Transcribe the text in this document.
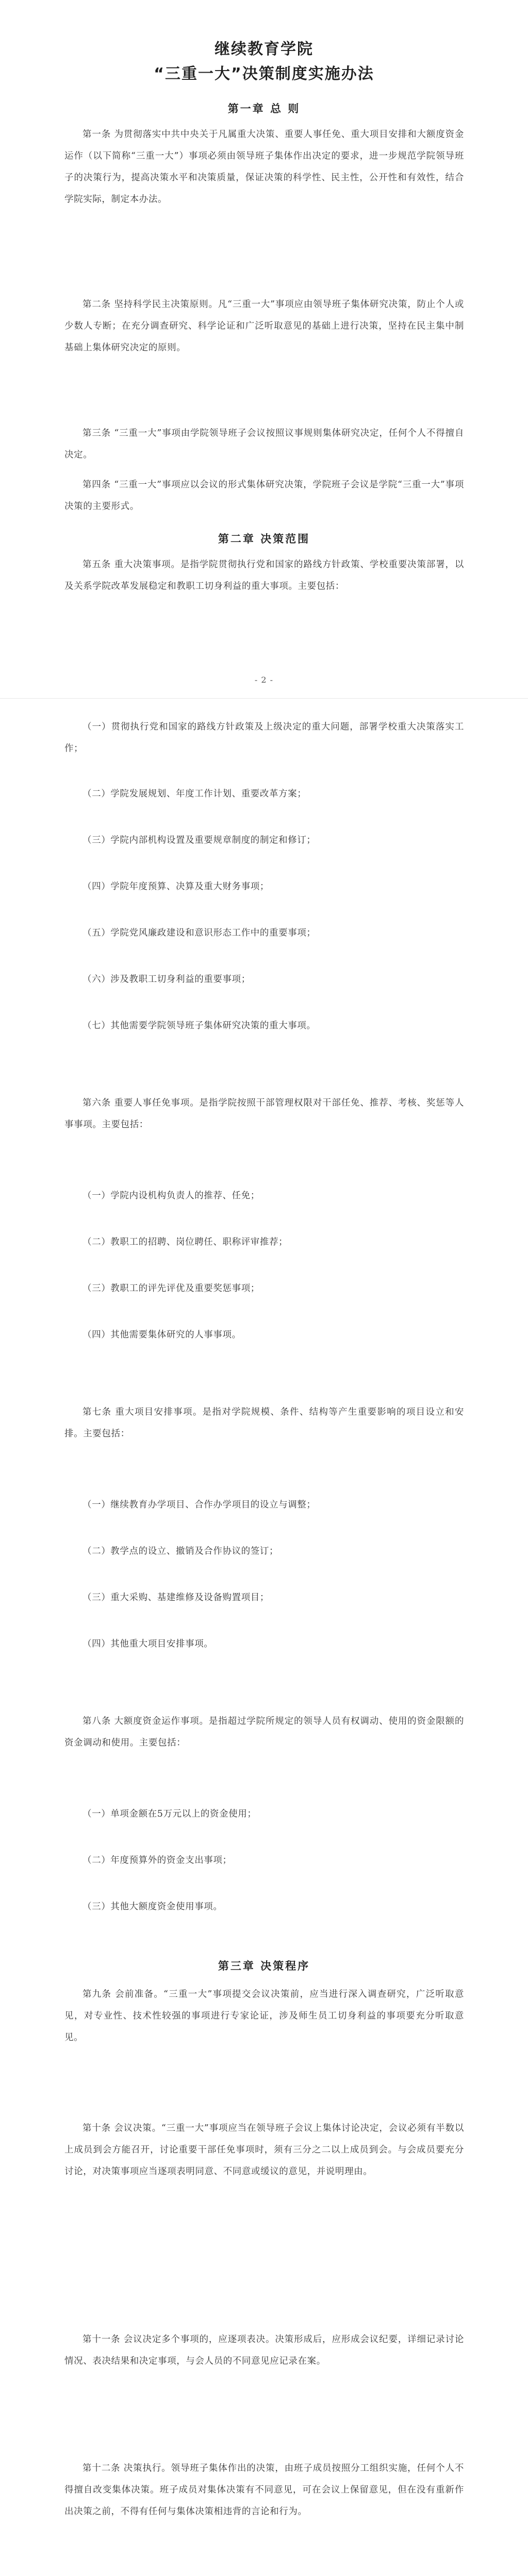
继续教育学院
“三重一大”决策制度实施办法
第一章 总 则
第一条 为贯彻落实中共中央关于凡属重大决策、重要人事任免、重大项目安排和大额度资金运作（以下简称“三重一大”）事项必须由领导班子集体作出决定的要求，进一步规范学院领导班子的决策行为，提高决策水平和决策质量，保证决策的科学性、民主性，公开性和有效性，结合学院实际，制定本办法。
第二条 坚持科学民主决策原则。凡“三重一大”事项应由领导班子集体研究决策，防止个人或少数人专断；在充分调查研究、科学论证和广泛听取意见的基础上进行决策，坚持在民主集中制基础上集体研究决定的原则。
第三条 “三重一大”事项由学院领导班子会议按照议事规则集体研究决定，任何个人不得擅自决定。
第四条 “三重一大”事项应以会议的形式集体研究决策，学院班子会议是学院“三重一大”事项决策的主要形式。
第二章 决策范围
第五条 重大决策事项。是指学院贯彻执行党和国家的路线方针政策、学校重要决策部署，以及关系学院改革发展稳定和教职工切身利益的重大事项。主要包括：
- 2 -
（一）贯彻执行党和国家的路线方针政策及上级决定的重大问题，部署学校重大决策落实工作；
（二）学院发展规划、年度工作计划、重要改革方案；
（三）学院内部机构设置及重要规章制度的制定和修订；
（四）学院年度预算、决算及重大财务事项；
（五）学院党风廉政建设和意识形态工作中的重要事项；
（六）涉及教职工切身利益的重要事项；
（七）其他需要学院领导班子集体研究决策的重大事项。
第六条 重要人事任免事项。是指学院按照干部管理权限对干部任免、推荐、考核、奖惩等人事事项。主要包括：
（一）学院内设机构负责人的推荐、任免；
（二）教职工的招聘、岗位聘任、职称评审推荐；
（三）教职工的评先评优及重要奖惩事项；
（四）其他需要集体研究的人事事项。
第七条 重大项目安排事项。是指对学院规模、条件、结构等产生重要影响的项目设立和安排。主要包括：
（一）继续教育办学项目、合作办学项目的设立与调整；
（二）教学点的设立、撤销及合作协议的签订；
（三）重大采购、基建维修及设备购置项目；
（四）其他重大项目安排事项。
第八条 大额度资金运作事项。是指超过学院所规定的领导人员有权调动、使用的资金限额的资金调动和使用。主要包括：
（一）单项金额在5万元以上的资金使用；
（二）年度预算外的资金支出事项；
（三）其他大额度资金使用事项。
第三章 决策程序
第九条 会前准备。“三重一大”事项提交会议决策前，应当进行深入调查研究，广泛听取意见，对专业性、技术性较强的事项进行专家论证，涉及师生员工切身利益的事项要充分听取意见。
第十条 会议决策。“三重一大”事项应当在领导班子会议上集体讨论决定，会议必须有半数以上成员到会方能召开，讨论重要干部任免事项时，须有三分之二以上成员到会。与会成员要充分讨论，对决策事项应当逐项表明同意、不同意或缓议的意见，并说明理由。
第十一条 会议决定多个事项的，应逐项表决。决策形成后，应形成会议纪要，详细记录讨论情况、表决结果和决定事项，与会人员的不同意见应记录在案。
第十二条 决策执行。领导班子集体作出的决策，由班子成员按照分工组织实施，任何个人不得擅自改变集体决策。班子成员对集体决策有不同意见，可在会议上保留意见，但在没有重新作出决策之前，不得有任何与集体决策相违背的言论和行为。
